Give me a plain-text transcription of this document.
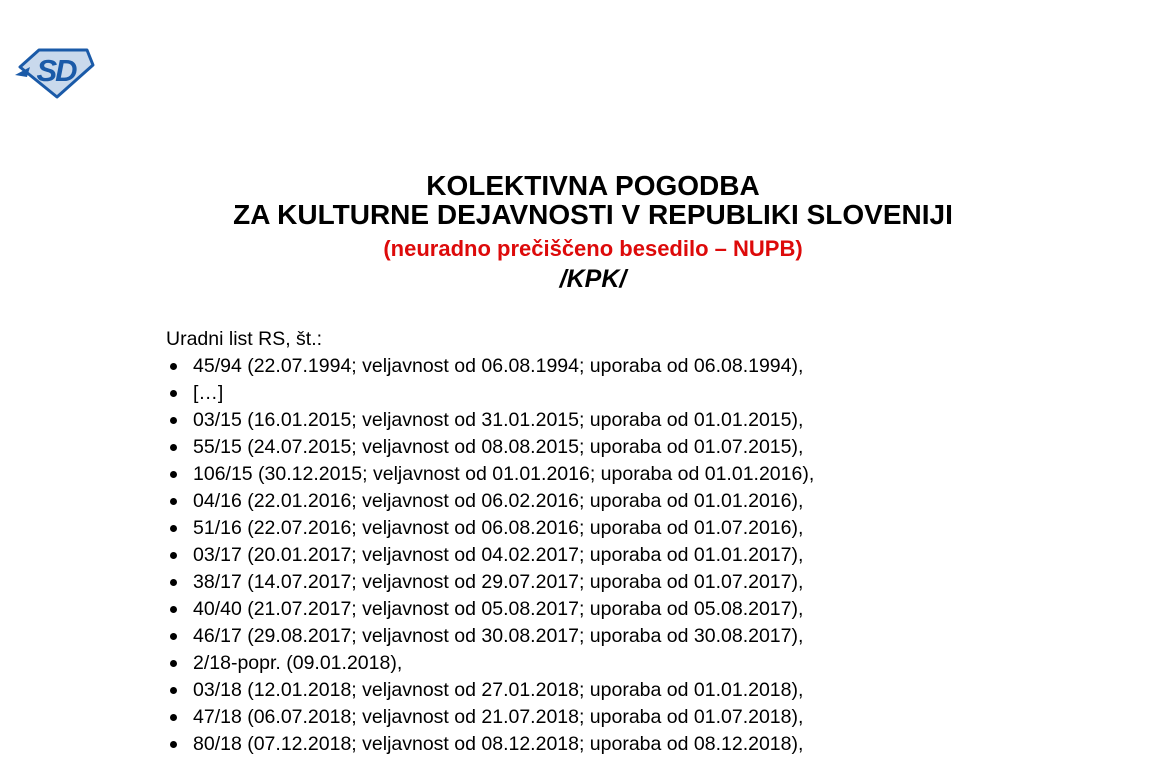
SD
KOLEKTIVNA POGODBA
ZA KULTURNE DEJAVNOSTI V REPUBLIKI SLOVENIJI
(neuradno prečiščeno besedilo – NUPB)
/KPK/
Uradni list RS, št.:
45/94 (22.07.1994; veljavnost od 06.08.1994; uporaba od 06.08.1994),
[…]
03/15 (16.01.2015; veljavnost od 31.01.2015; uporaba od 01.01.2015),
55/15 (24.07.2015; veljavnost od 08.08.2015; uporaba od 01.07.2015),
106/15 (30.12.2015; veljavnost od 01.01.2016; uporaba od 01.01.2016),
04/16 (22.01.2016; veljavnost od 06.02.2016; uporaba od 01.01.2016),
51/16 (22.07.2016; veljavnost od 06.08.2016; uporaba od 01.07.2016),
03/17 (20.01.2017; veljavnost od 04.02.2017; uporaba od 01.01.2017),
38/17 (14.07.2017; veljavnost od 29.07.2017; uporaba od 01.07.2017),
40/40 (21.07.2017; veljavnost od 05.08.2017; uporaba od 05.08.2017),
46/17 (29.08.2017; veljavnost od 30.08.2017; uporaba od 30.08.2017),
2/18-popr. (09.01.2018),
03/18 (12.01.2018; veljavnost od 27.01.2018; uporaba od 01.01.2018),
47/18 (06.07.2018; veljavnost od 21.07.2018; uporaba od 01.07.2018),
80/18 (07.12.2018; veljavnost od 08.12.2018; uporaba od 08.12.2018),
